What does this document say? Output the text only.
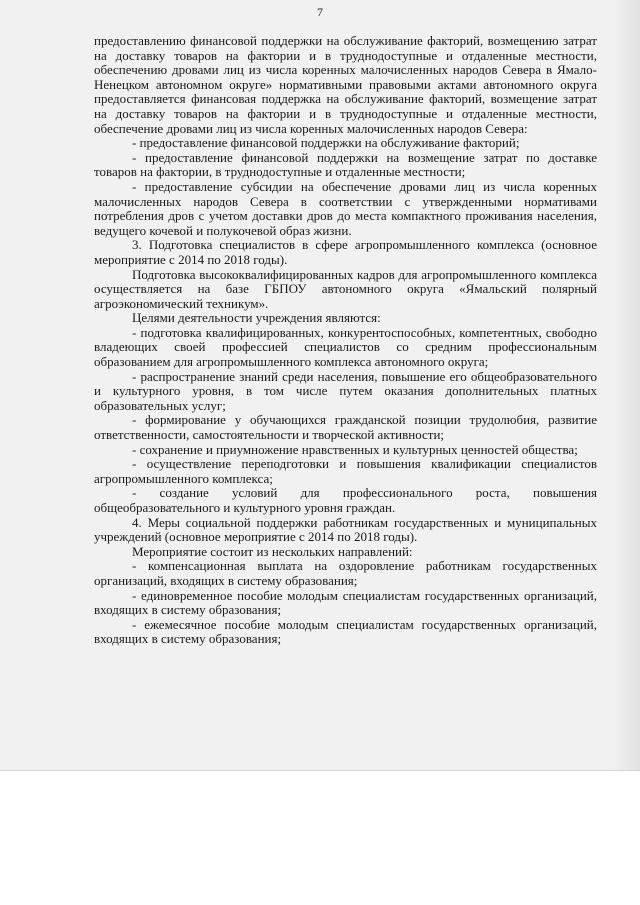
7

предоставлению финансовой поддержки на обслуживание факторий, возмещению затрат на доставку товаров на фактории и в труднодоступные и отдаленные местности, обеспечению дровами лиц из числа коренных малочисленных народов Севера в Ямало-Ненецком автономном округе» нормативными правовыми актами автономного округа предоставляется финансовая поддержка на обслуживание факторий, возмещение затрат на доставку товаров на фактории и в труднодоступные и отдаленные местности, обеспечение дровами лиц из числа коренных малочисленных народов Севера:

- предоставление финансовой поддержки на обслуживание факторий;

- предоставление финансовой поддержки на возмещение затрат по доставке товаров на фактории, в труднодоступные и отдаленные местности;

- предоставление субсидии на обеспечение дровами лиц из числа коренных малочисленных народов Севера в соответствии с утвержденными нормативами потребления дров с учетом доставки дров до места компактного проживания населения, ведущего кочевой и полукочевой образ жизни.

3. Подготовка специалистов в сфере агропромышленного комплекса (основное мероприятие с 2014 по 2018 годы).

Подготовка высококвалифицированных кадров для агропромышленного комплекса осуществляется на базе ГБПОУ автономного округа «Ямальский полярный агроэкономический техникум».

Целями деятельности учреждения являются:

- подготовка квалифицированных, конкурентоспособных, компетентных, свободно владеющих своей профессией специалистов со средним профессиональным образованием для агропромышленного комплекса автономного округа;

- распространение знаний среди населения, повышение его общеобразовательного и культурного уровня, в том числе путем оказания дополнительных платных образовательных услуг;

- формирование у обучающихся гражданской позиции трудолюбия, развитие ответственности, самостоятельности и творческой активности;

- сохранение и приумножение нравственных и культурных ценностей общества;

- осуществление переподготовки и повышения квалификации специалистов агропромышленного комплекса;

- создание условий для профессионального роста, повышения общеобразовательного и культурного уровня граждан.

4. Меры социальной поддержки работникам государственных и муниципальных учреждений (основное мероприятие с 2014 по 2018 годы).

Мероприятие состоит из нескольких направлений:

- компенсационная выплата на оздоровление работникам государственных организаций, входящих в систему образования;

- единовременное пособие молодым специалистам государственных организаций, входящих в систему образования;

- ежемесячное пособие молодым специалистам государственных организаций, входящих в систему образования;
